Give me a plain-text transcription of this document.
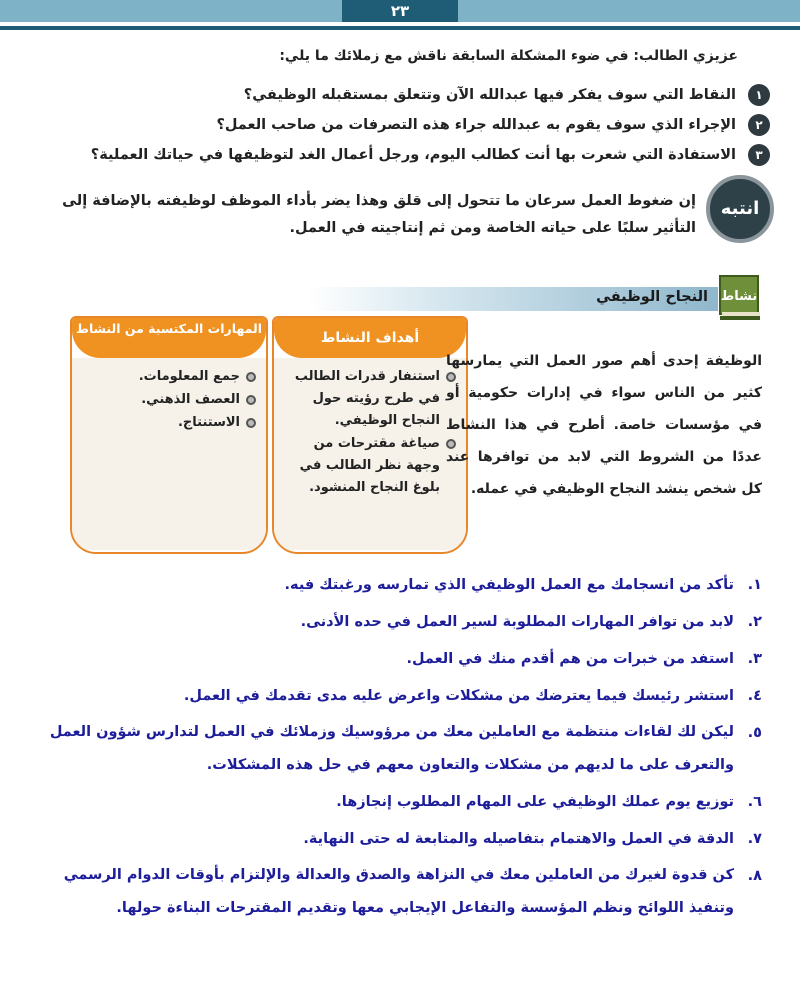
٢٣
عزيزي الطالب: في ضوء المشكلة السابقة ناقش مع زملائك ما يلي:
١
النقاط التي سوف يفكر فيها عبدالله الآن وتتعلق بمستقبله الوظيفي؟
٢
الإجراء الذي سوف يقوم به عبدالله جراء هذه التصرفات من صاحب العمل؟
٣
الاستفادة التي شعرت بها أنت كطالب اليوم، ورجل أعمال الغد لتوظيفها في حياتك العملية؟
انتبه
إن ضغوط العمل سرعان ما تتحول إلى قلق وهذا يضر بأداء الموظف لوظيفته بالإضافة إلى التأثير سلبًا على حياته الخاصة ومن ثم إنتاجيته في العمل.
النجاح الوظيفي نشاط
أهداف النشاط
استنفار قدرات الطالب في طرح رؤيته حول النجاح الوظيفي.
صياغة مقترحات من وجهة نظر الطالب في بلوغ النجاح المنشود.
المهارات المكتسبة من النشاط
جمع المعلومات.
العصف الذهني.
الاستنتاج.
الوظيفة إحدى أهم صور العمل التي يمارسها كثير من الناس سواء في إدارات حكومية أو في مؤسسات خاصة. أطرح في هذا النشاط عددًا من الشروط التي لابد من توافرها عند كل شخص ينشد النجاح الوظيفي في عمله.
١.
تأكد من انسجامك مع العمل الوظيفي الذي تمارسه ورغبتك فيه.
٢.
لابد من توافر المهارات المطلوبة لسير العمل في حده الأدنى.
٣.
استفد من خبرات من هم أقدم منك في العمل.
٤.
استشر رئيسك فيما يعترضك من مشكلات واعرض عليه مدى تقدمك في العمل.
٥.
ليكن لك لقاءات منتظمة مع العاملين معك من مرؤوسيك وزملائك في العمل لتدارس شؤون العمل والتعرف على ما لديهم من مشكلات والتعاون معهم في حل هذه المشكلات.
٦.
توزيع يوم عملك الوظيفي على المهام المطلوب إنجازها.
٧.
الدقة في العمل والاهتمام بتفاصيله والمتابعة له حتى النهاية.
٨.
كن قدوة لغيرك من العاملين معك في النزاهة والصدق والعدالة والإلتزام بأوقات الدوام الرسمي وتنفيذ اللوائح ونظم المؤسسة والتفاعل الإيجابي معها وتقديم المقترحات البناءة حولها.
